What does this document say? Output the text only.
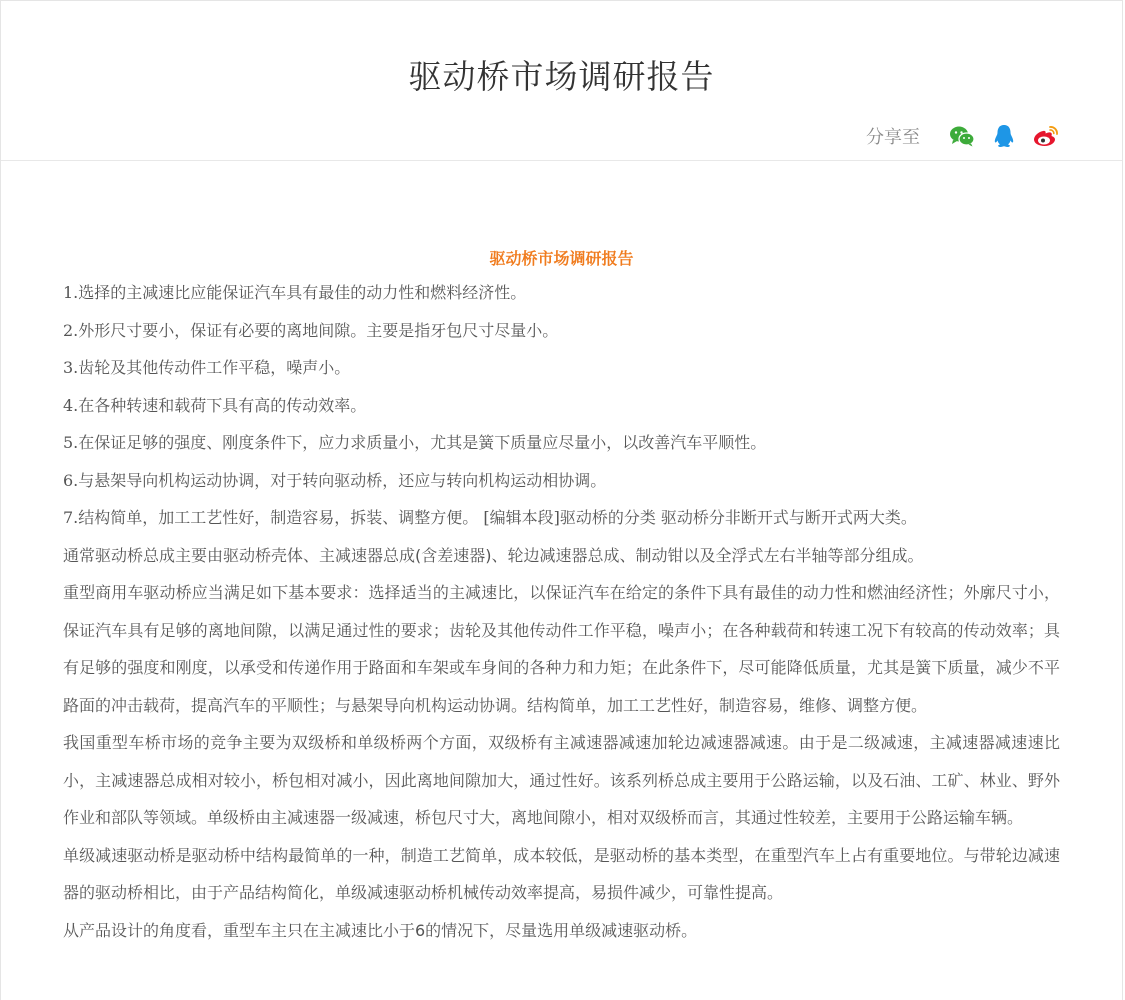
驱动桥市场调研报告
分享至
驱动桥市场调研报告

1.选择的主减速比应能保证汽车具有最佳的动力性和燃料经济性。

2.外形尺寸要小，保证有必要的离地间隙。主要是指牙包尺寸尽量小。

3.齿轮及其他传动件工作平稳，噪声小。

4.在各种转速和载荷下具有高的传动效率。

5.在保证足够的强度、刚度条件下，应力求质量小，尤其是簧下质量应尽量小，以改善汽车平顺性。

6.与悬架导向机构运动协调，对于转向驱动桥，还应与转向机构运动相协调。

7.结构简单，加工工艺性好，制造容易，拆装、调整方便。 [编辑本段]驱动桥的分类 驱动桥分非断开式与断开式两大类。

通常驱动桥总成主要由驱动桥壳体、主减速器总成(含差速器)、轮边减速器总成、制动钳以及全浮式左右半轴等部分组成。

重型商用车驱动桥应当满足如下基本要求：选择适当的主减速比，以保证汽车在给定的条件下具有最佳的动力性和燃油经济性；外廓尺寸小，保证汽车具有足够的离地间隙，以满足通过性的要求；齿轮及其他传动件工作平稳，噪声小；在各种载荷和转速工况下有较高的传动效率；具有足够的强度和刚度，以承受和传递作用于路面和车架或车身间的各种力和力矩；在此条件下，尽可能降低质量，尤其是簧下质量，减少不平路面的冲击载荷，提高汽车的平顺性；与悬架导向机构运动协调。结构简单，加工工艺性好，制造容易，维修、调整方便。

我国重型车桥市场的竞争主要为双级桥和单级桥两个方面，双级桥有主减速器减速加轮边减速器减速。由于是二级减速，主减速器减速速比小，主减速器总成相对较小，桥包相对减小，因此离地间隙加大，通过性好。该系列桥总成主要用于公路运输，以及石油、工矿、林业、野外作业和部队等领域。单级桥由主减速器一级减速，桥包尺寸大，离地间隙小，相对双级桥而言，其通过性较差，主要用于公路运输车辆。

单级减速驱动桥是驱动桥中结构最简单的一种，制造工艺简单，成本较低，是驱动桥的基本类型，在重型汽车上占有重要地位。与带轮边减速器的驱动桥相比，由于产品结构简化，单级减速驱动桥机械传动效率提高，易损件减少，可靠性提高。

从产品设计的角度看，重型车主只在主减速比小于6的情况下，尽量选用单级减速驱动桥。
